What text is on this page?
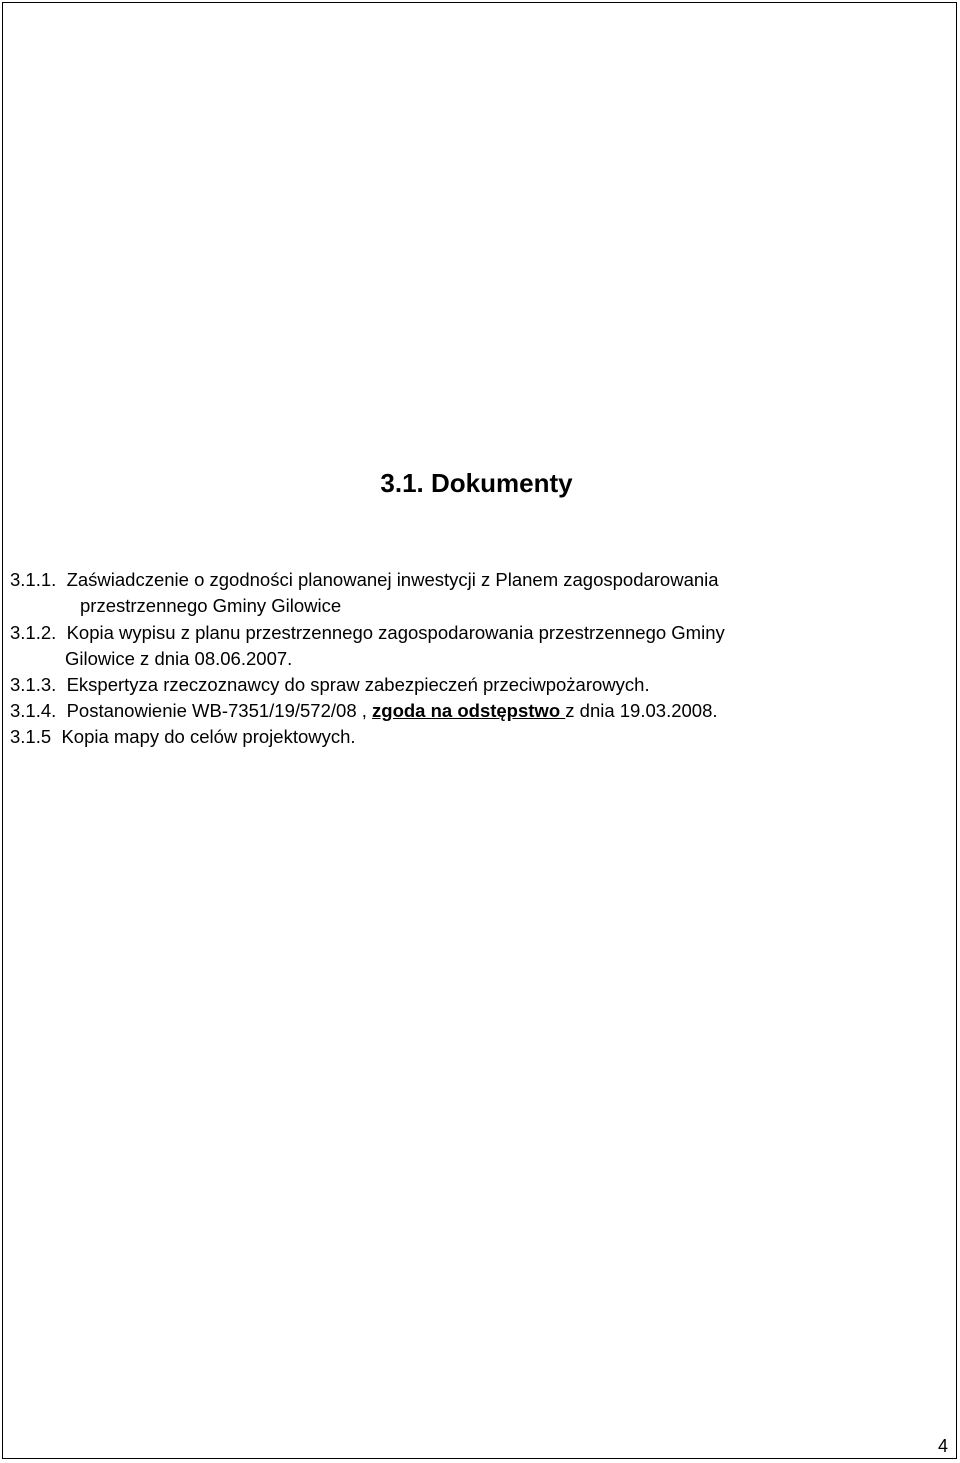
3.1. Dokumenty
3.1.1.  Zaświadczenie o zgodności planowanej inwestycji z Planem zagospodarowania
przestrzennego Gminy Gilowice
3.1.2.  Kopia wypisu z planu przestrzennego zagospodarowania przestrzennego Gminy
Gilowice z dnia 08.06.2007.
3.1.3.  Ekspertyza rzeczoznawcy do spraw zabezpieczeń przeciwpożarowych.
3.1.4.  Postanowienie WB-7351/19/572/08 , zgoda na odstępstwo z dnia 19.03.2008.
3.1.5  Kopia mapy do celów projektowych.
4
